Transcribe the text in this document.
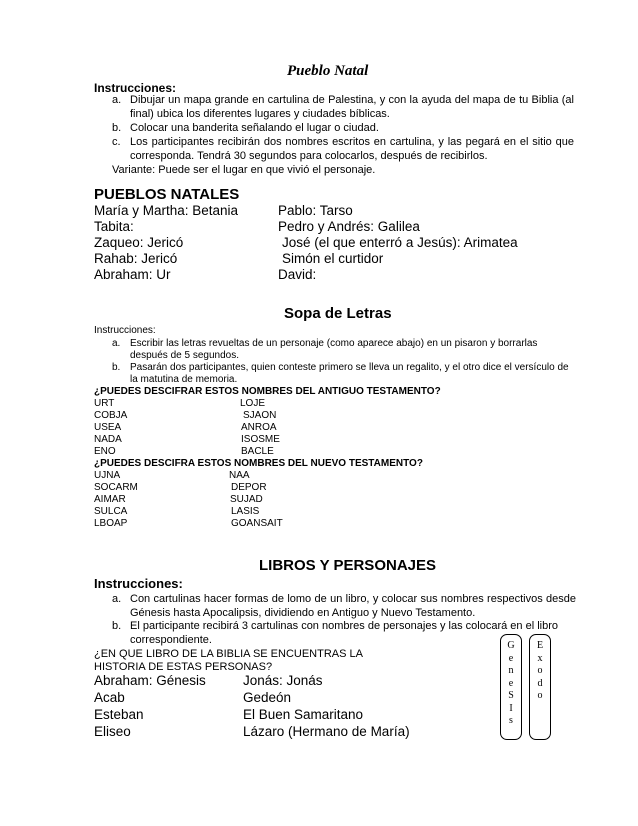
Pueblo Natal
Instrucciones:
a. Dibujar un mapa grande en cartulina de Palestina, y con la ayuda del mapa de tu Biblia (al final) ubica los diferentes lugares y ciudades bíblicas.
b. Colocar una banderita señalando el lugar o ciudad.
c. Los participantes recibirán dos nombres escritos en cartulina, y las pegará en el sitio que corresponda. Tendrá 30 segundos para colocarlos, después de recibirlos.
Variante: Puede ser el lugar en que vivió el personaje.
PUEBLOS NATALES
María y Martha: Betania	Pablo: Tarso
Tabita:	Pedro y Andrés: Galilea
Zaqueo: Jericó	José (el que enterró a Jesús): Arimatea
Rahab: Jericó	Simón el curtidor
Abraham: Ur	David:
Sopa de Letras
Instrucciones:
a. Escribir las letras revueltas de un personaje (como aparece abajo) en un pisaron y borrarlas después de 5 segundos.
b. Pasarán dos participantes, quien conteste primero se lleva un regalito, y el otro dice el versículo de la matutina de memoria.
¿PUEDES DESCIFRAR ESTOS NOMBRES DEL ANTIGUO TESTAMENTO?
URT	LOJE
COBJA	SJAON
USEA	ANROA
NADA	ISOSME
ENO	BACLE
¿PUEDES DESCIFRA ESTOS NOMBRES DEL NUEVO TESTAMENTO?
UJNA	NAA
SOCARM	DEPOR
AIMAR	SUJAD
SULCA	LASIS
LBOAP	GOANSAIT
LIBROS Y PERSONAJES
Instrucciones:
a. Con cartulinas hacer formas de lomo de un libro, y colocar sus nombres respectivos desde Génesis hasta Apocalipsis, dividiendo en Antiguo y Nuevo Testamento.
b. El participante recibirá 3 cartulinas con nombres de personajes y las colocará en el libro correspondiente.
¿EN QUE LIBRO DE LA BIBLIA SE ENCUENTRAS LA
HISTORIA DE ESTAS PERSONAS?
Abraham: Génesis	Jonás: Jonás
Acab	Gedeón
Esteban	El Buen Samaritano
Eliseo	Lázaro (Hermano de María)
G
e
n
e
S
I
s
E
x
o
d
o
